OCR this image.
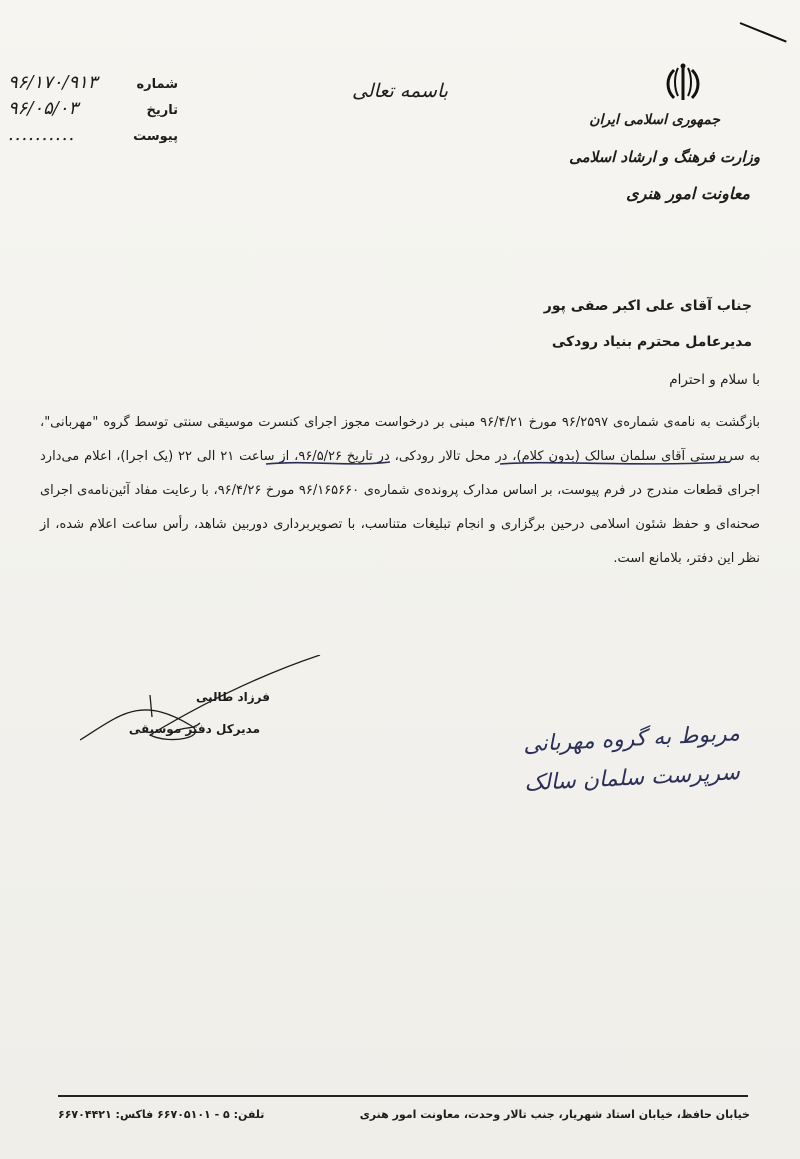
شماره
۹۶/۱۷۰/۹۱۳
تاریخ
۹۶/۰۵/۰۳
پیوست
..........
باسمه تعالی
جمهوری اسلامی ایران
وزارت فرهنگ و ارشاد اسلامی
معاونت امور هنری
جناب آقای علی اکبر صفی پور
مدیرعامل محترم بنیاد رودکی
با سلام و احترام
بازگشت به نامه‌ی شماره‌ی ۹۶/۲۵۹۷ مورخ ۹۶/۴/۲۱ مبنی بر درخواست مجوز اجرای کنسرت موسیقی سنتی توسط گروه "مهربانی"، به سرپرستی آقای سلمان سالک (بدون کلام)، در محل تالار رودکی، در تاریخ ۹۶/۵/۲۶، از ساعت ۲۱ الی ۲۲ (یک اجرا)، اعلام می‌دارد اجرای قطعات مندرج در فرم پیوست، بر اساس مدارک پرونده‌ی شماره‌ی ۹۶/۱۶۵۶۶۰ مورخ ۹۶/۴/۲۶، با رعایت مفاد آئین‌نامه‌ی اجرای صحنه‌ای و حفظ شئون اسلامی درحین برگزاری و انجام تبلیغات متناسب، با تصویربرداری دوربین شاهد، رأس ساعت اعلام شده، از نظر این دفتر، بلامانع است.
فرزاد طالبی
مدیرکل دفتر موسیقی	مربوط به گروه مهربانی
سرپرست سلمان سالک
خیابان حافظ، خیابان استاد شهریار، جنب تالار وحدت، معاونت امور هنری
تلفن: ۵ - ۶۶۷۰۵۱۰۱ فاکس: ۶۶۷۰۴۴۲۱
